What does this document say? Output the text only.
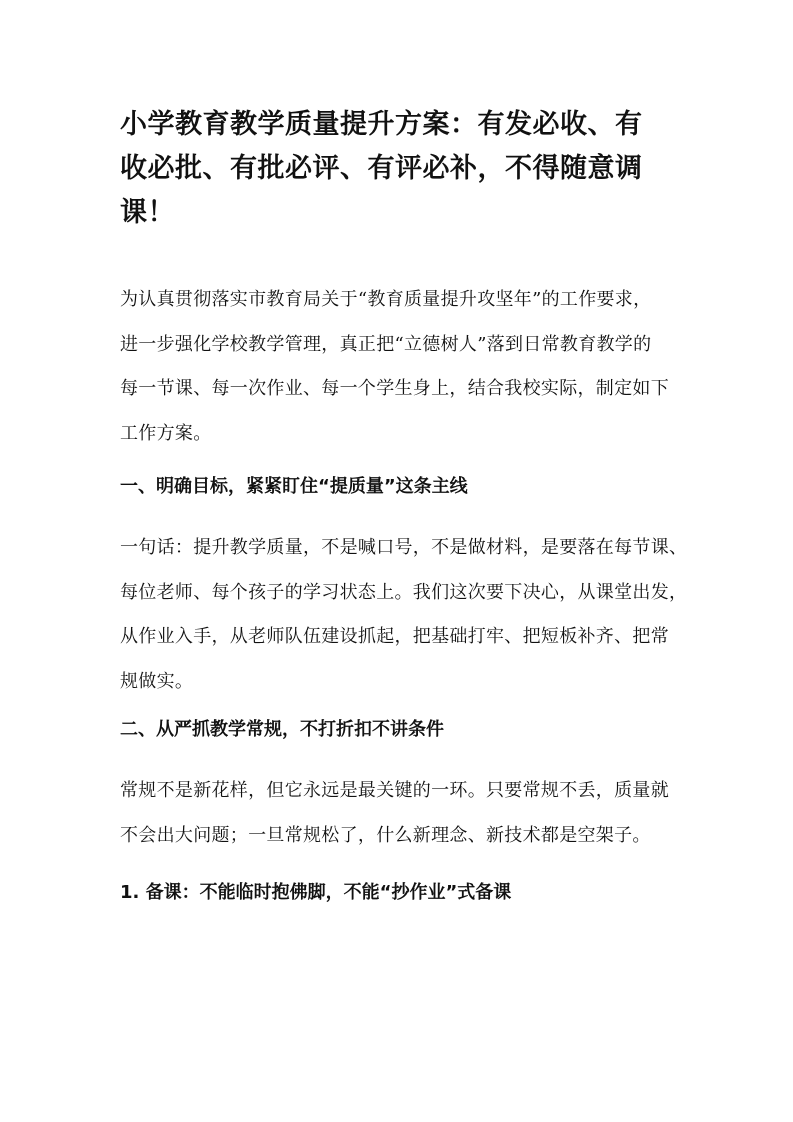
小学教育教学质量提升方案：有发必收、有
收必批、有批必评、有评必补，不得随意调
课！
为认真贯彻落实市教育局关于“教育质量提升攻坚年”的工作要求，
进一步强化学校教学管理，真正把“立德树人”落到日常教育教学的
每一节课、每一次作业、每一个学生身上，结合我校实际，制定如下
工作方案。
一、明确目标，紧紧盯住“提质量”这条主线
一句话：提升教学质量，不是喊口号，不是做材料，是要落在每节课、
每位老师、每个孩子的学习状态上。我们这次要下决心，从课堂出发，
从作业入手，从老师队伍建设抓起，把基础打牢、把短板补齐、把常
规做实。
二、从严抓教学常规，不打折扣不讲条件
常规不是新花样，但它永远是最关键的一环。只要常规不丢，质量就
不会出大问题；一旦常规松了，什么新理念、新技术都是空架子。
1. 备课：不能临时抱佛脚，不能“抄作业”式备课
